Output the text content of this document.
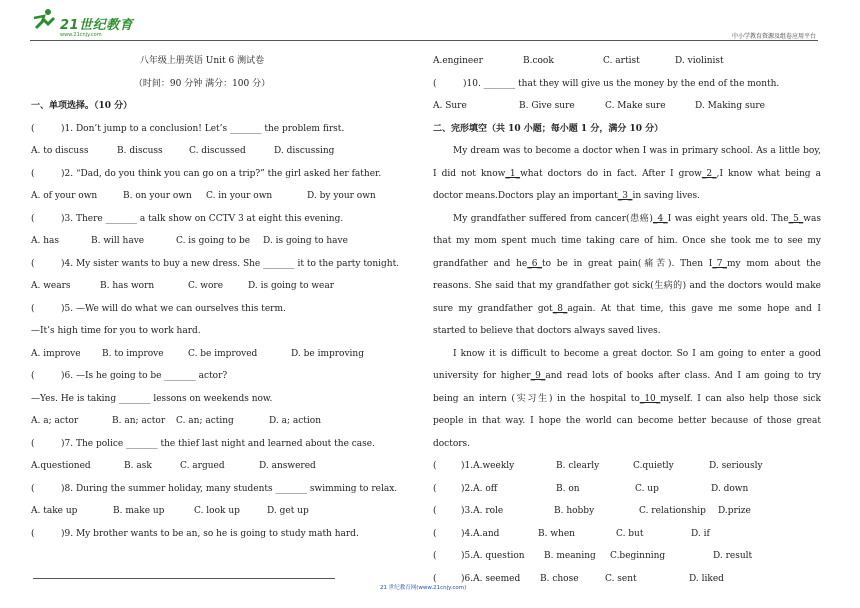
21世纪教育
www.21cnjy.com	中小学教育资源及组卷应用平台
八年级上册英语 Unit 6 测试卷
（时间：90 分钟 满分：100 分）
一、单项选择。（10 分）
(	)1. Don’t jump to a conclusion! Let’s _______ the problem first.
A. to discuss	B. discuss	C. discussed	D. discussing
(	)2. “Dad, do you think you can go on a trip?” the girl asked her father.
A. of your own	B. on your own C. in your own	D. by your own
(	)3. There _______ a talk show on CCTV 3 at eight this evening.
A. has	B. will have	C. is going to be D. is going to have
(	)4. My sister wants to buy a new dress. She _______ it to the party tonight.
A. wears	B. has worn	C. wore	D. is going to wear
(	)5. —We will do what we can ourselves this term.
—It’s high time for you to work hard.
A. improve B. to improve	C. be improved	D. be improving
(	)6. —Is he going to be _______ actor?
—Yes. He is taking _______ lessons on weekends now.
A. a; actor	B. an; actor C. an; acting	D. a; action
(	)7. The police _______ the thief last night and learned about the case.
A.questioned	B. ask	C. argued	D. answered
(	)8. During the summer holiday, many students _______ swimming to relax.
A. take up	B. make up	C. look up	D. get up
(	)9. My brother wants to be an, so he is going to study math hard.
A.engineer	B.cook	C. artist	D. violinist
(	)10. _______ that they will give us the money by the end of the month.
A. Sure	B. Give sure	C. Make sure	D. Making sure
二、完形填空（共 10 小题；每小题 1 分，满分 10 分）
My dream was to become a doctor when I was in primary school. As a little boy, I did not know_1_what doctors do in fact. After I grow_2_,I know what being a doctor means.Doctors play an important_3_in saving lives.
My grandfather suffered from cancer(患癌)_4_I was eight years old. The_5_was that my mom spent much time taking care of him. Once she took me to see my grandfather and he_6_to be in great pain(痛苦). Then I_7_my mom about the reasons. She said that my grandfather got sick(生病的) and the doctors would make sure my grandfather got_8_again. At that time, this gave me some hope and I started to believe that doctors always saved lives.
I know it is difficult to become a great doctor. So I am going to enter a good university for higher_9_and read lots of books after class. And I am going to try being an intern (实习生) in the hospital to_10_myself. I can also help those sick people in that way. I hope the world can become better because of those great doctors.
(	)1.A.weekly	B. clearly	C.quietly	D. seriously
(	)2.A. off	B. on	C. up	D. down
(	)3.A. role	B. hobby	C. relationship D.prize
(	)4.A.and	B. when	C. but	D. if
(	)5.A. question B. meaning C.beginning	D. result
(	)6.A. seemed B. chose	C. sent	D. liked
21 世纪教育网(www.21cnjy.com)
